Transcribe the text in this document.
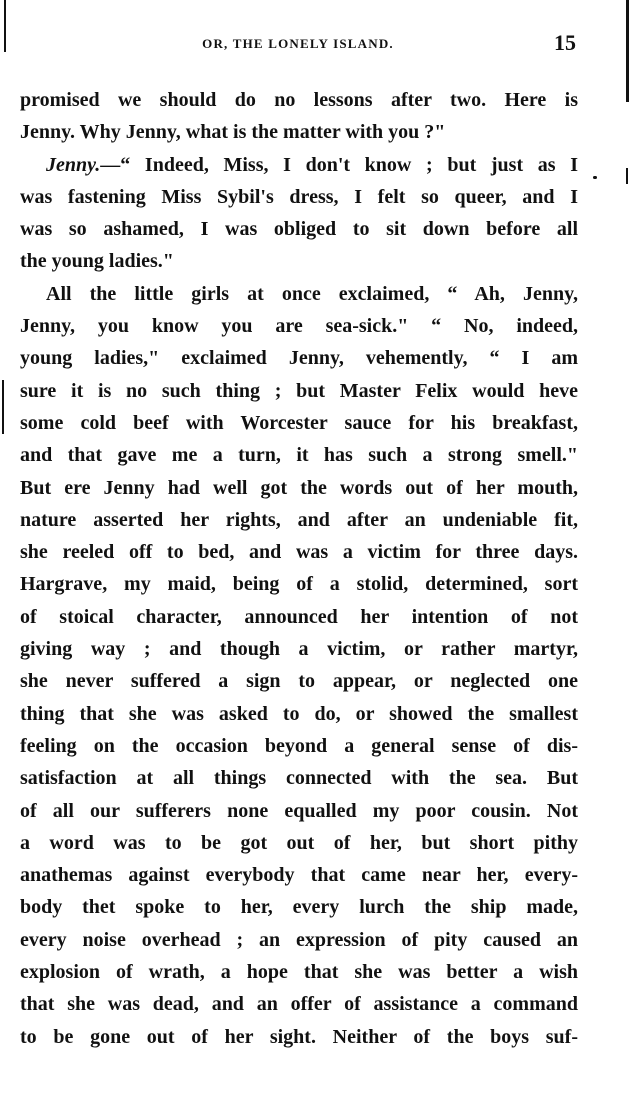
OR, THE LONELY ISLAND.	15
promised we should do no lessons after two. Here is
Jenny. Why Jenny, what is the matter with you ?"
Jenny.—“ Indeed, Miss, I don't know ; but just as I
was fastening Miss Sybil's dress, I felt so queer, and I
was so ashamed, I was obliged to sit down before all
the young ladies."
All the little girls at once exclaimed, “ Ah, Jenny,
Jenny, you know you are sea-sick." “ No, indeed,
young ladies," exclaimed Jenny, vehemently, “ I am
sure it is no such thing ; but Master Felix would heve
some cold beef with Worcester sauce for his breakfast,
and that gave me a turn, it has such a strong smell."
But ere Jenny had well got the words out of her mouth,
nature asserted her rights, and after an undeniable fit,
she reeled off to bed, and was a victim for three days.
Hargrave, my maid, being of a stolid, determined, sort
of stoical character, announced her intention of not
giving way ; and though a victim, or rather martyr,
she never suffered a sign to appear, or neglected one
thing that she was asked to do, or showed the smallest
feeling on the occasion beyond a general sense of dis-
satisfaction at all things connected with the sea. But
of all our sufferers none equalled my poor cousin. Not
a word was to be got out of her, but short pithy
anathemas against everybody that came near her, every-
body thet spoke to her, every lurch the ship made,
every noise overhead ; an expression of pity caused an
explosion of wrath, a hope that she was better a wish
that she was dead, and an offer of assistance a command
to be gone out of her sight. Neither of the boys suf-
